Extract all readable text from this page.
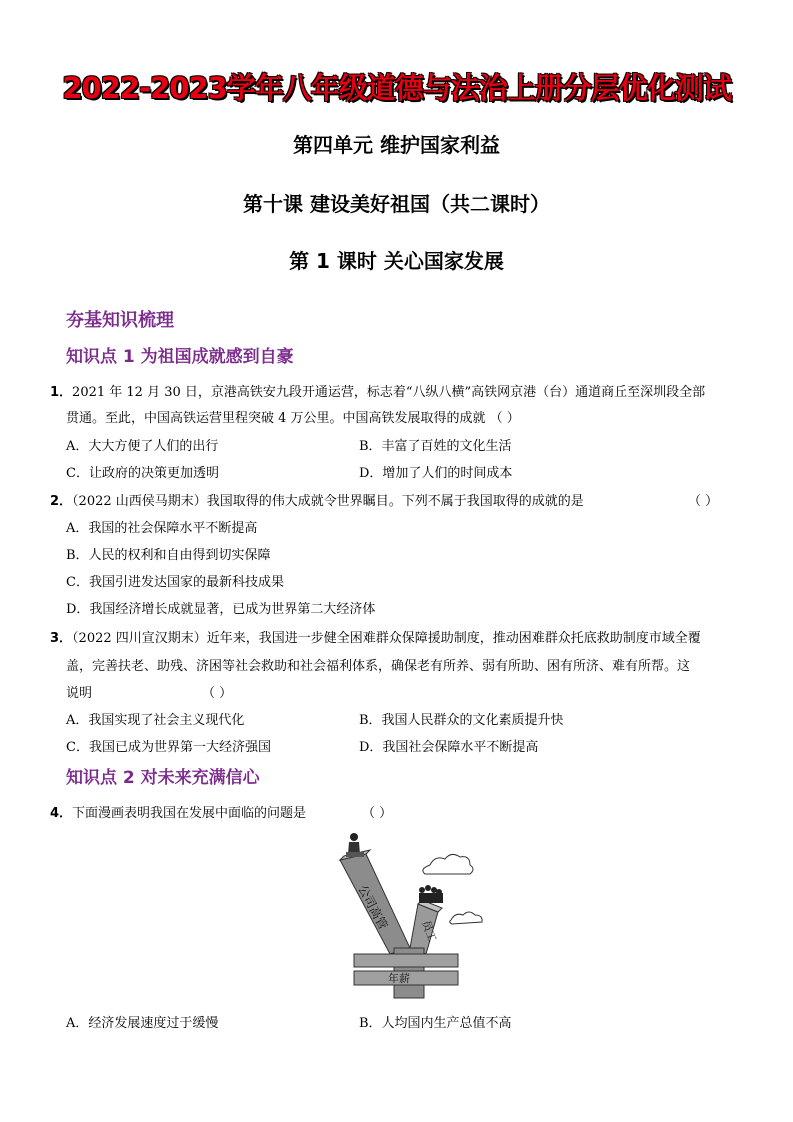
2022-2023学年八年级道德与法治上册分层优化测试
第四单元 维护国家利益
第十课 建设美好祖国（共二课时）
第 1 课时 关心国家发展
夯基知识梳理
知识点 1 为祖国成就感到自豪
1．2021 年 12 月 30 日，京港高铁安九段开通运营，标志着“八纵八横”高铁网京港（台）通道商丘至深圳段全部
贯通。至此，中国高铁运营里程突破 4 万公里。中国高铁发展取得的成就 （ ）
A．大大方便了人们的出行	B．丰富了百姓的文化生活
C．让政府的决策更加透明	D．增加了人们的时间成本
2．（2022 山西侯马期末）我国取得的伟大成就令世界瞩目。下列不属于我国取得的成就的是	（ ）
A．我国的社会保障水平不断提高
B．人民的权利和自由得到切实保障
C．我国引进发达国家的最新科技成果
D．我国经济增长成就显著，已成为世界第二大经济体
3．（2022 四川宣汉期末）近年来，我国进一步健全困难群众保障援助制度，推动困难群众托底救助制度市域全覆
盖，完善扶老、助残、济困等社会救助和社会福利体系，确保老有所养、弱有所助、困有所济、难有所帮。这
说明	（ ）
A．我国实现了社会主义现代化	B．我国人民群众的文化素质提升快
C．我国已成为世界第一大经济强国	D．我国社会保障水平不断提高
知识点 2 对未来充满信心
4．下面漫画表明我国在发展中面临的问题是	（ ）
公司高管	员工
年薪
A．经济发展速度过于缓慢	B．人均国内生产总值不高
